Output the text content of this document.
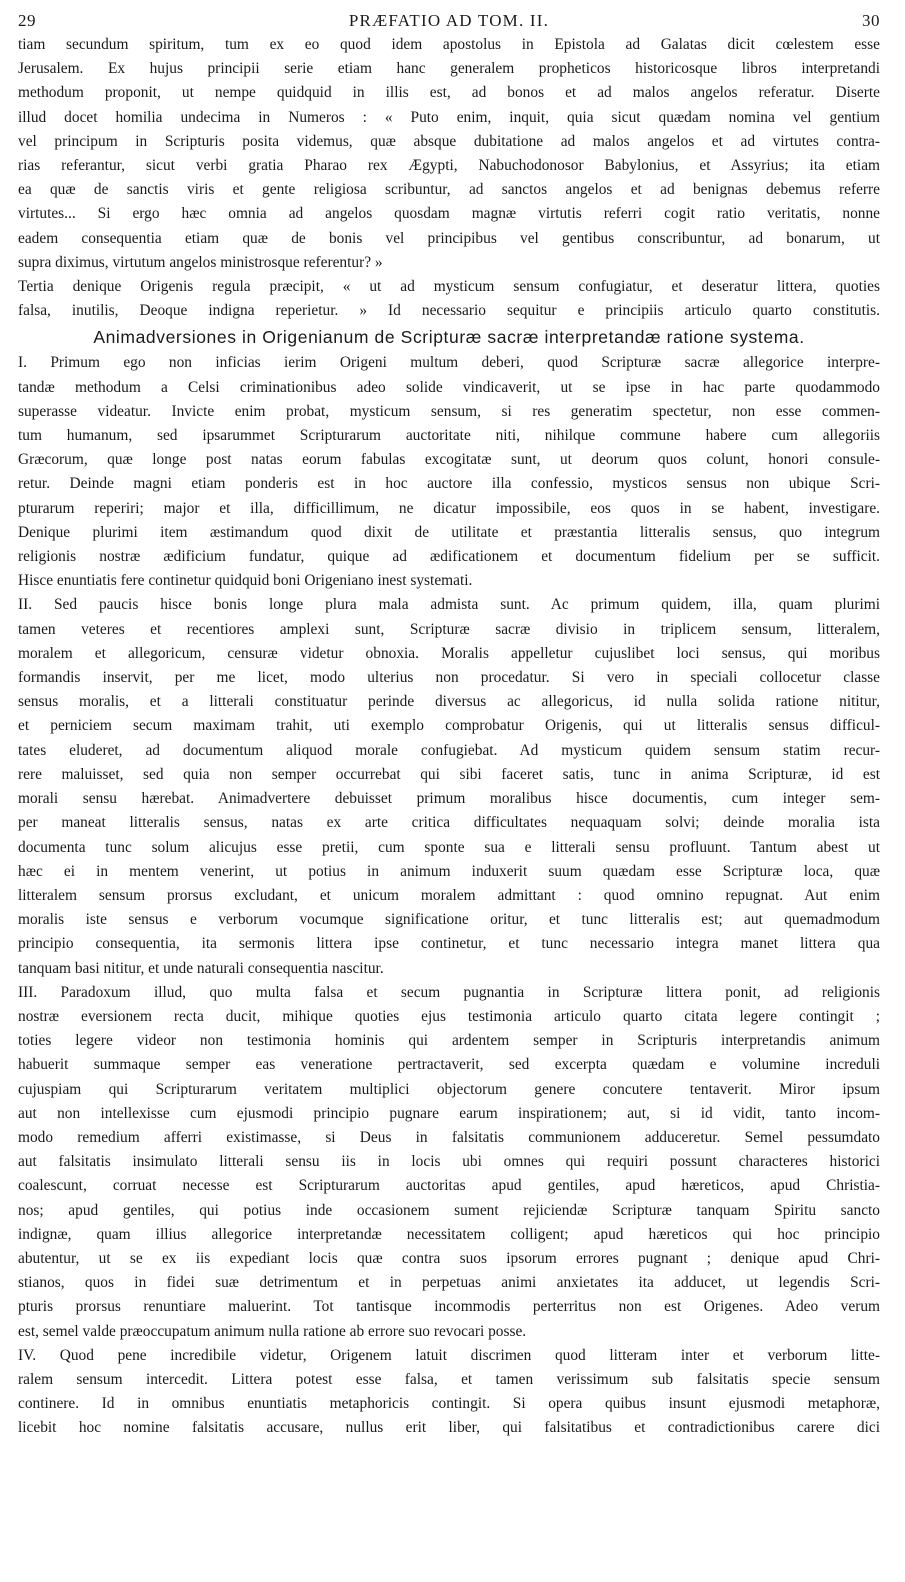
29	PRÆFATIO AD TOM. II.	30
tiam secundum spiritum, tum ex eo quod idem apostolus in Epistola ad Galatas dicit cœlestem esse
Jerusalem. Ex hujus principii serie etiam hanc generalem propheticos historicosque libros interpretandi
methodum proponit, ut nempe quidquid in illis est, ad bonos et ad malos angelos referatur. Diserte
illud docet homilia undecima in Numeros : « Puto enim, inquit, quia sicut quædam nomina vel gentium
vel principum in Scripturis posita videmus, quæ absque dubitatione ad malos angelos et ad virtutes contra-
rias referantur, sicut verbi gratia Pharao rex Ægypti, Nabuchodonosor Babylonius, et Assyrius; ita etiam
ea quæ de sanctis viris et gente religiosa scribuntur, ad sanctos angelos et ad benignas debemus referre
virtutes... Si ergo hæc omnia ad angelos quosdam magnæ virtutis referri cogit ratio veritatis, nonne
eadem consequentia etiam quæ de bonis vel principibus vel gentibus conscribuntur, ad bonarum, ut
supra diximus, virtutum angelos ministrosque referentur? »
Tertia denique Origenis regula præcipit, « ut ad mysticum sensum confugiatur, et deseratur littera, quoties
falsa, inutilis, Deoque indigna reperietur. » Id necessario sequitur e principiis articulo quarto constitutis.
Animadversiones in Origenianum de Scripturæ sacræ interpretandæ ratione systema.
I. Primum ego non inficias ierim Origeni multum deberi, quod Scripturæ sacræ allegorice interpre-
tandæ methodum a Celsi criminationibus adeo solide vindicaverit, ut se ipse in hac parte quodammodo
superasse videatur. Invicte enim probat, mysticum sensum, si res generatim spectetur, non esse commen-
tum humanum, sed ipsarummet Scripturarum auctoritate niti, nihilque commune habere cum allegoriis
Græcorum, quæ longe post natas eorum fabulas excogitatæ sunt, ut deorum quos colunt, honori consule-
retur. Deinde magni etiam ponderis est in hoc auctore illa confessio, mysticos sensus non ubique Scri-
pturarum reperiri; major et illa, difficillimum, ne dicatur impossibile, eos quos in se habent, investigare.
Denique plurimi item æstimandum quod dixit de utilitate et præstantia litteralis sensus, quo integrum
religionis nostræ ædificium fundatur, quique ad ædificationem et documentum fidelium per se sufficit.
Hisce enuntiatis fere continetur quidquid boni Origeniano inest systemati.
II. Sed paucis hisce bonis longe plura mala admista sunt. Ac primum quidem, illa, quam plurimi
tamen veteres et recentiores amplexi sunt, Scripturæ sacræ divisio in triplicem sensum, litteralem,
moralem et allegoricum, censuræ videtur obnoxia. Moralis appelletur cujuslibet loci sensus, qui moribus
formandis inservit, per me licet, modo ulterius non procedatur. Si vero in speciali collocetur classe
sensus moralis, et a litterali constituatur perinde diversus ac allegoricus, id nulla solida ratione nititur,
et perniciem secum maximam trahit, uti exemplo comprobatur Origenis, qui ut litteralis sensus difficul-
tates eluderet, ad documentum aliquod morale confugiebat. Ad mysticum quidem sensum statim recur-
rere maluisset, sed quia non semper occurrebat qui sibi faceret satis, tunc in anima Scripturæ, id est
morali sensu hærebat. Animadvertere debuisset primum moralibus hisce documentis, cum integer sem-
per maneat litteralis sensus, natas ex arte critica difficultates nequaquam solvi; deinde moralia ista
documenta tunc solum alicujus esse pretii, cum sponte sua e litterali sensu profluunt. Tantum abest ut
hæc ei in mentem venerint, ut potius in animum induxerit suum quædam esse Scripturæ loca, quæ
litteralem sensum prorsus excludant, et unicum moralem admittant : quod omnino repugnat. Aut enim
moralis iste sensus e verborum vocumque significatione oritur, et tunc litteralis est; aut quemadmodum
principio consequentia, ita sermonis littera ipse continetur, et tunc necessario integra manet littera qua
tanquam basi nititur, et unde naturali consequentia nascitur.
III. Paradoxum illud, quo multa falsa et secum pugnantia in Scripturæ littera ponit, ad religionis
nostræ eversionem recta ducit, mihique quoties ejus testimonia articulo quarto citata legere contingit ;
toties legere videor non testimonia hominis qui ardentem semper in Scripturis interpretandis animum
habuerit summaque semper eas veneratione pertractaverit, sed excerpta quædam e volumine increduli
cujuspiam qui Scripturarum veritatem multiplici objectorum genere concutere tentaverit. Miror ipsum
aut non intellexisse cum ejusmodi principio pugnare earum inspirationem; aut, si id vidit, tanto incom-
modo remedium afferri existimasse, si Deus in falsitatis communionem adduceretur. Semel pessumdato
aut falsitatis insimulato litterali sensu iis in locis ubi omnes qui requiri possunt characteres historici
coalescunt, corruat necesse est Scripturarum auctoritas apud gentiles, apud hæreticos, apud Christia-
nos; apud gentiles, qui potius inde occasionem sument rejiciendæ Scripturæ tanquam Spiritu sancto
indignæ, quam illius allegorice interpretandæ necessitatem colligent; apud hæreticos qui hoc principio
abutentur, ut se ex iis expediant locis quæ contra suos ipsorum errores pugnant ; denique apud Chri-
stianos, quos in fidei suæ detrimentum et in perpetuas animi anxietates ita adducet, ut legendis Scri-
pturis prorsus renuntiare maluerint. Tot tantisque incommodis perterritus non est Origenes. Adeo verum
est, semel valde præoccupatum animum nulla ratione ab errore suo revocari posse.
IV. Quod pene incredibile videtur, Origenem latuit discrimen quod litteram inter et verborum litte-
ralem sensum intercedit. Littera potest esse falsa, et tamen verissimum sub falsitatis specie sensum
continere. Id in omnibus enuntiatis metaphoricis contingit. Si opera quibus insunt ejusmodi metaphoræ,
licebit hoc nomine falsitatis accusare, nullus erit liber, qui falsitatibus et contradictionibus carere dici
